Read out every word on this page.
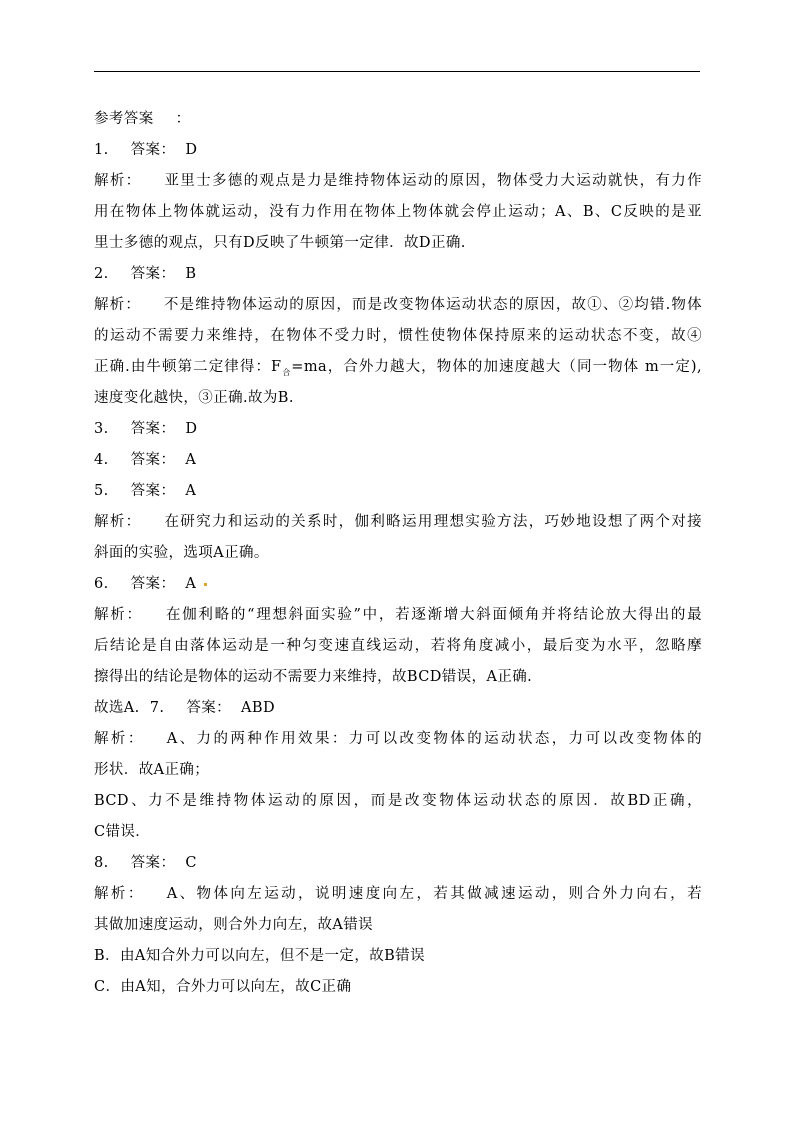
参考答案 ：
1. 答案： D
解析： 亚里士多德的观点是力是维持物体运动的原因，物体受力大运动就快，有力作
用在物体上物体就运动，没有力作用在物体上物体就会停止运动；A、B、C反映的是亚
里士多德的观点，只有D反映了牛顿第一定律．故D正确.
2. 答案： B
解析： 不是维持物体运动的原因，而是改变物体运动状态的原因，故①、②均错.物体
的运动不需要力来维持，在物体不受力时，惯性使物体保持原来的运动状态不变，故④
正确.由牛顿第二定律得：$F_合=ma$，合外力越大，物体的加速度越大（同一物体 m一定),
速度变化越快，③正确.故为B.
3. 答案： D
4. 答案： A
5. 答案： A
解析： 在研究力和运动的关系时，伽利略运用理想实验方法，巧妙地设想了两个对接
斜面的实验，选项A正确。
6. 答案： A
解析： 在伽利略的“理想斜面实验”中，若逐渐增大斜面倾角并将结论放大得出的最
后结论是自由落体运动是一种匀变速直线运动，若将角度减小，最后变为水平，忽略摩
擦得出的结论是物体的运动不需要力来维持，故BCD错误，A正确.
故选A. 7. 答案： ABD
解析： A、力的两种作用效果：力可以改变物体的运动状态，力可以改变物体的
形状．故A正确；
BCD、力不是维持物体运动的原因，而是改变物体运动状态的原因．故BD正确，
C错误．
8. 答案： C
解析： A、物体向左运动，说明速度向左，若其做减速运动，则合外力向右，若
其做加速度运动，则合外力向左，故A错误
B．由A知合外力可以向左，但不是一定，故B错误
C．由A知，合外力可以向左，故C正确
